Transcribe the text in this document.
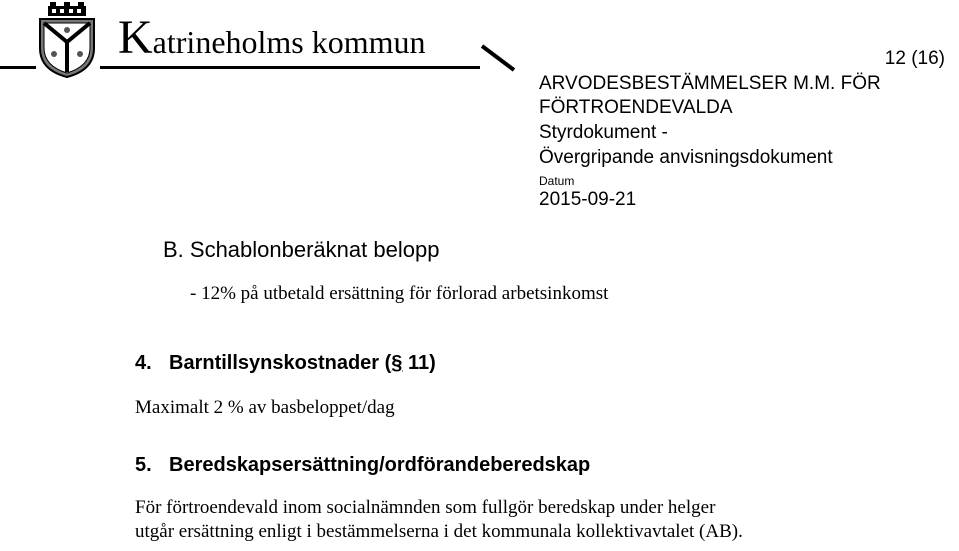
Katrineholms kommun	12 (16)
ARVODESBESTÄMMELSER M.M. FÖR FÖRTROENDEVALDA
Styrdokument -
Övergripande anvisningsdokument
Datum
2015-09-21
B. Schablonberäknat belopp
- 12% på utbetald ersättning för förlorad arbetsinkomst
4. Barntillsynskostnader (§ 11)
Maximalt 2 % av basbeloppet/dag
5. Beredskapsersättning/ordförandeberedskap
För förtroendevald inom socialnämnden som fullgör beredskap under helger
utgår ersättning enligt i bestämmelserna i det kommunala kollektivavtalet (AB).
